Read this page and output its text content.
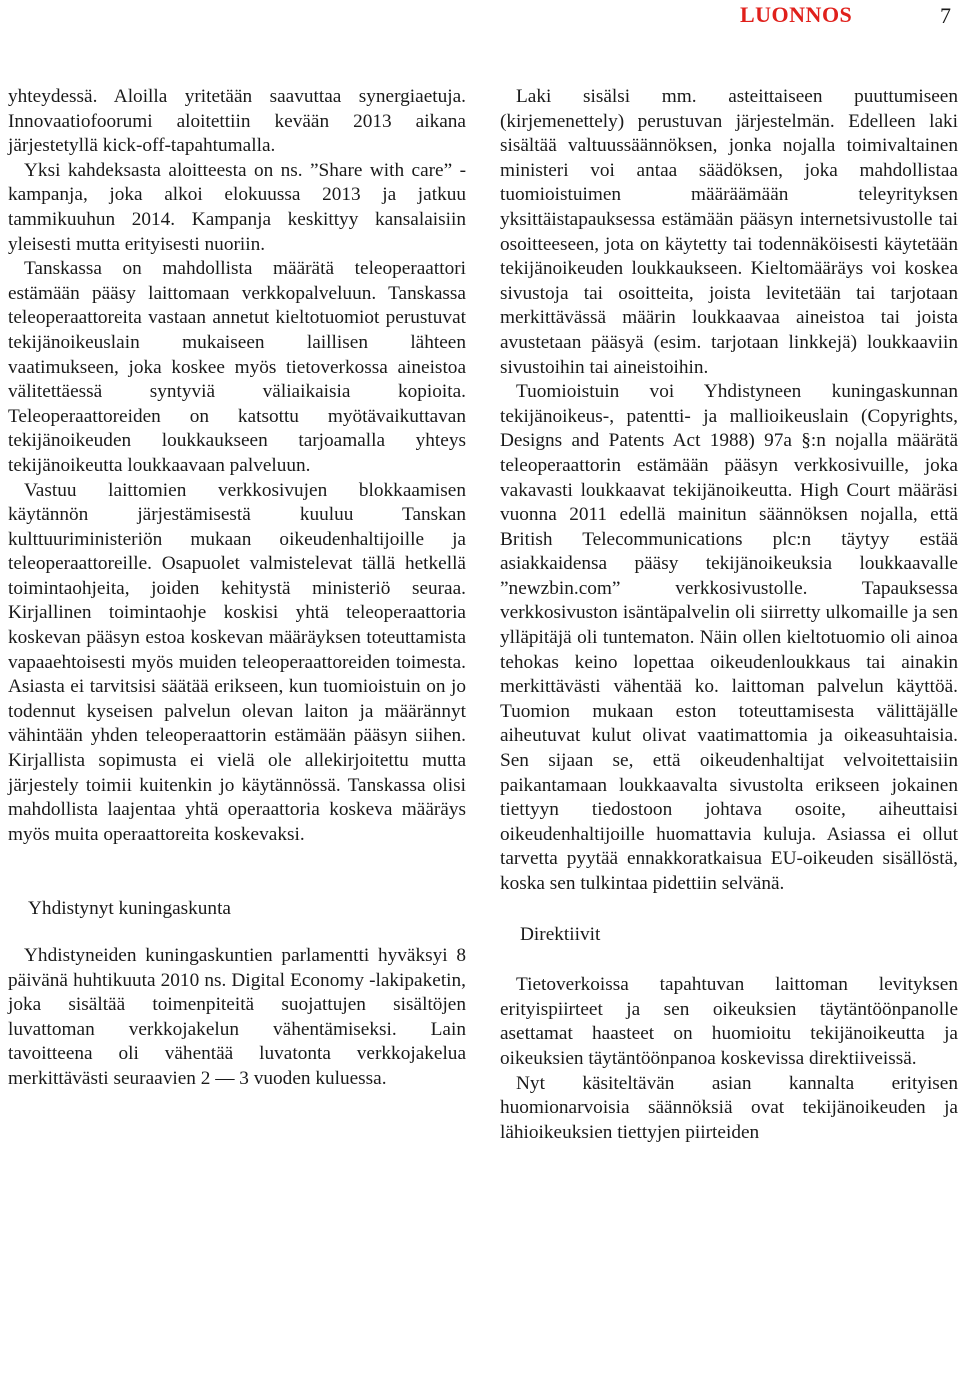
LUONNOS	7

yhteydessä. Aloilla yritetään saavuttaa synergiaetuja. Innovaatiofoorumi aloitettiin kevään 2013 aikana järjestetyllä kick-off-tapahtumalla.

Yksi kahdeksasta aloitteesta on ns. ”Share with care” - kampanja, joka alkoi elokuussa 2013 ja jatkuu tammikuuhun 2014. Kampanja keskittyy kansalaisiin yleisesti mutta erityisesti nuoriin.

Tanskassa on mahdollista määrätä teleoperaattori estämään pääsy laittomaan verkkopalveluun. Tanskassa teleoperaattoreita vastaan annetut kieltotuomiot perustuvat tekijänoikeuslain mukaiseen laillisen lähteen vaatimukseen, joka koskee myös tietoverkossa aineistoa välitettäessä syntyviä väliaikaisia kopioita. Teleoperaattoreiden on katsottu myötävaikuttavan tekijänoikeuden loukkaukseen tarjoamalla yhteys tekijänoikeutta loukkaavaan palveluun.

Vastuu laittomien verkkosivujen blokkaamisen käytännön järjestämisestä kuuluu Tanskan kulttuuriministeriön mukaan oikeudenhaltijoille ja teleoperaattoreille. Osapuolet valmistelevat tällä hetkellä toimintaohjeita, joiden kehitystä ministeriö seuraa. Kirjallinen toimintaohje koskisi yhtä teleoperaattoria koskevan pääsyn estoa koskevan määräyksen toteuttamista vapaaehtoisesti myös muiden teleoperaattoreiden toimesta. Asiasta ei tarvitsisi säätää erikseen, kun tuomioistuin on jo todennut kyseisen palvelun olevan laiton ja määrännyt vähintään yhden teleoperaattorin estämään pääsyn siihen. Kirjallista sopimusta ei vielä ole allekirjoitettu mutta järjestely toimii kuitenkin jo käytännössä. Tanskassa olisi mahdollista laajentaa yhtä operaattoria koskeva määräys myös muita operaattoreita koskevaksi.

Yhdistynyt kuningaskunta

Yhdistyneiden kuningaskuntien parlamentti hyväksyi 8 päivänä huhtikuuta 2010 ns. Digital Economy -lakipaketin, joka sisältää toimenpiteitä suojattujen sisältöjen luvattoman verkkojakelun vähentämiseksi. Lain tavoitteena oli vähentää luvatonta verkkojakelua merkittävästi seuraavien 2 — 3 vuoden kuluessa.

Laki sisälsi mm. asteittaiseen puuttumiseen (kirjemenettely) perustuvan järjestelmän. Edelleen laki sisältää valtuussäännöksen, jonka nojalla toimivaltainen ministeri voi antaa säädöksen, joka mahdollistaa tuomioistuimen määräämään teleyrityksen yksittäistapauksessa estämään pääsyn internetsivustolle tai osoitteeseen, jota on käytetty tai todennäköisesti käytetään tekijänoikeuden loukkaukseen. Kieltomääräys voi koskea sivustoja tai osoitteita, joista levitetään tai tarjotaan merkittävässä määrin loukkaavaa aineistoa tai joista avustetaan pääsyä (esim. tarjotaan linkkejä) loukkaaviin sivustoihin tai aineistoihin.

Tuomioistuin voi Yhdistyneen kuningaskunnan tekijänoikeus-, patentti- ja mallioikeuslain (Copyrights, Designs and Patents Act 1988) 97a §:n nojalla määrätä teleoperaattorin estämään pääsyn verkkosivuille, joka vakavasti loukkaavat tekijänoikeutta. High Court määräsi vuonna 2011 edellä mainitun säännöksen nojalla, että British Telecommunications plc:n täytyy estää asiakkaidensa pääsy tekijänoikeuksia loukkaavalle ”newzbin.com” verkkosivustolle. Tapauksessa verkkosivuston isäntäpalvelin oli siirretty ulkomaille ja sen ylläpitäjä oli tuntematon. Näin ollen kieltotuomio oli ainoa tehokas keino lopettaa oikeudenloukkaus tai ainakin merkittävästi vähentää ko. laittoman palvelun käyttöä. Tuomion mukaan eston toteuttamisesta välittäjälle aiheutuvat kulut olivat vaatimattomia ja oikeasuhtaisia. Sen sijaan se, että oikeudenhaltijat velvoitettaisiin paikantamaan loukkaavalta sivustolta erikseen jokainen tiettyyn tiedostoon johtava osoite, aiheuttaisi oikeudenhaltijoille huomattavia kuluja. Asiassa ei ollut tarvetta pyytää ennakkoratkaisua EU-oikeuden sisällöstä, koska sen tulkintaa pidettiin selvänä.

Direktiivit

Tietoverkoissa tapahtuvan laittoman levityksen erityispiirteet ja sen oikeuksien täytäntöönpanolle asettamat haasteet on huomioitu tekijänoikeutta ja oikeuksien täytäntöönpanoa koskevissa direktiiveissä.

Nyt käsiteltävän asian kannalta erityisen huomionarvoisia säännöksiä ovat tekijänoikeuden ja lähioikeuksien tiettyjen piirteiden
